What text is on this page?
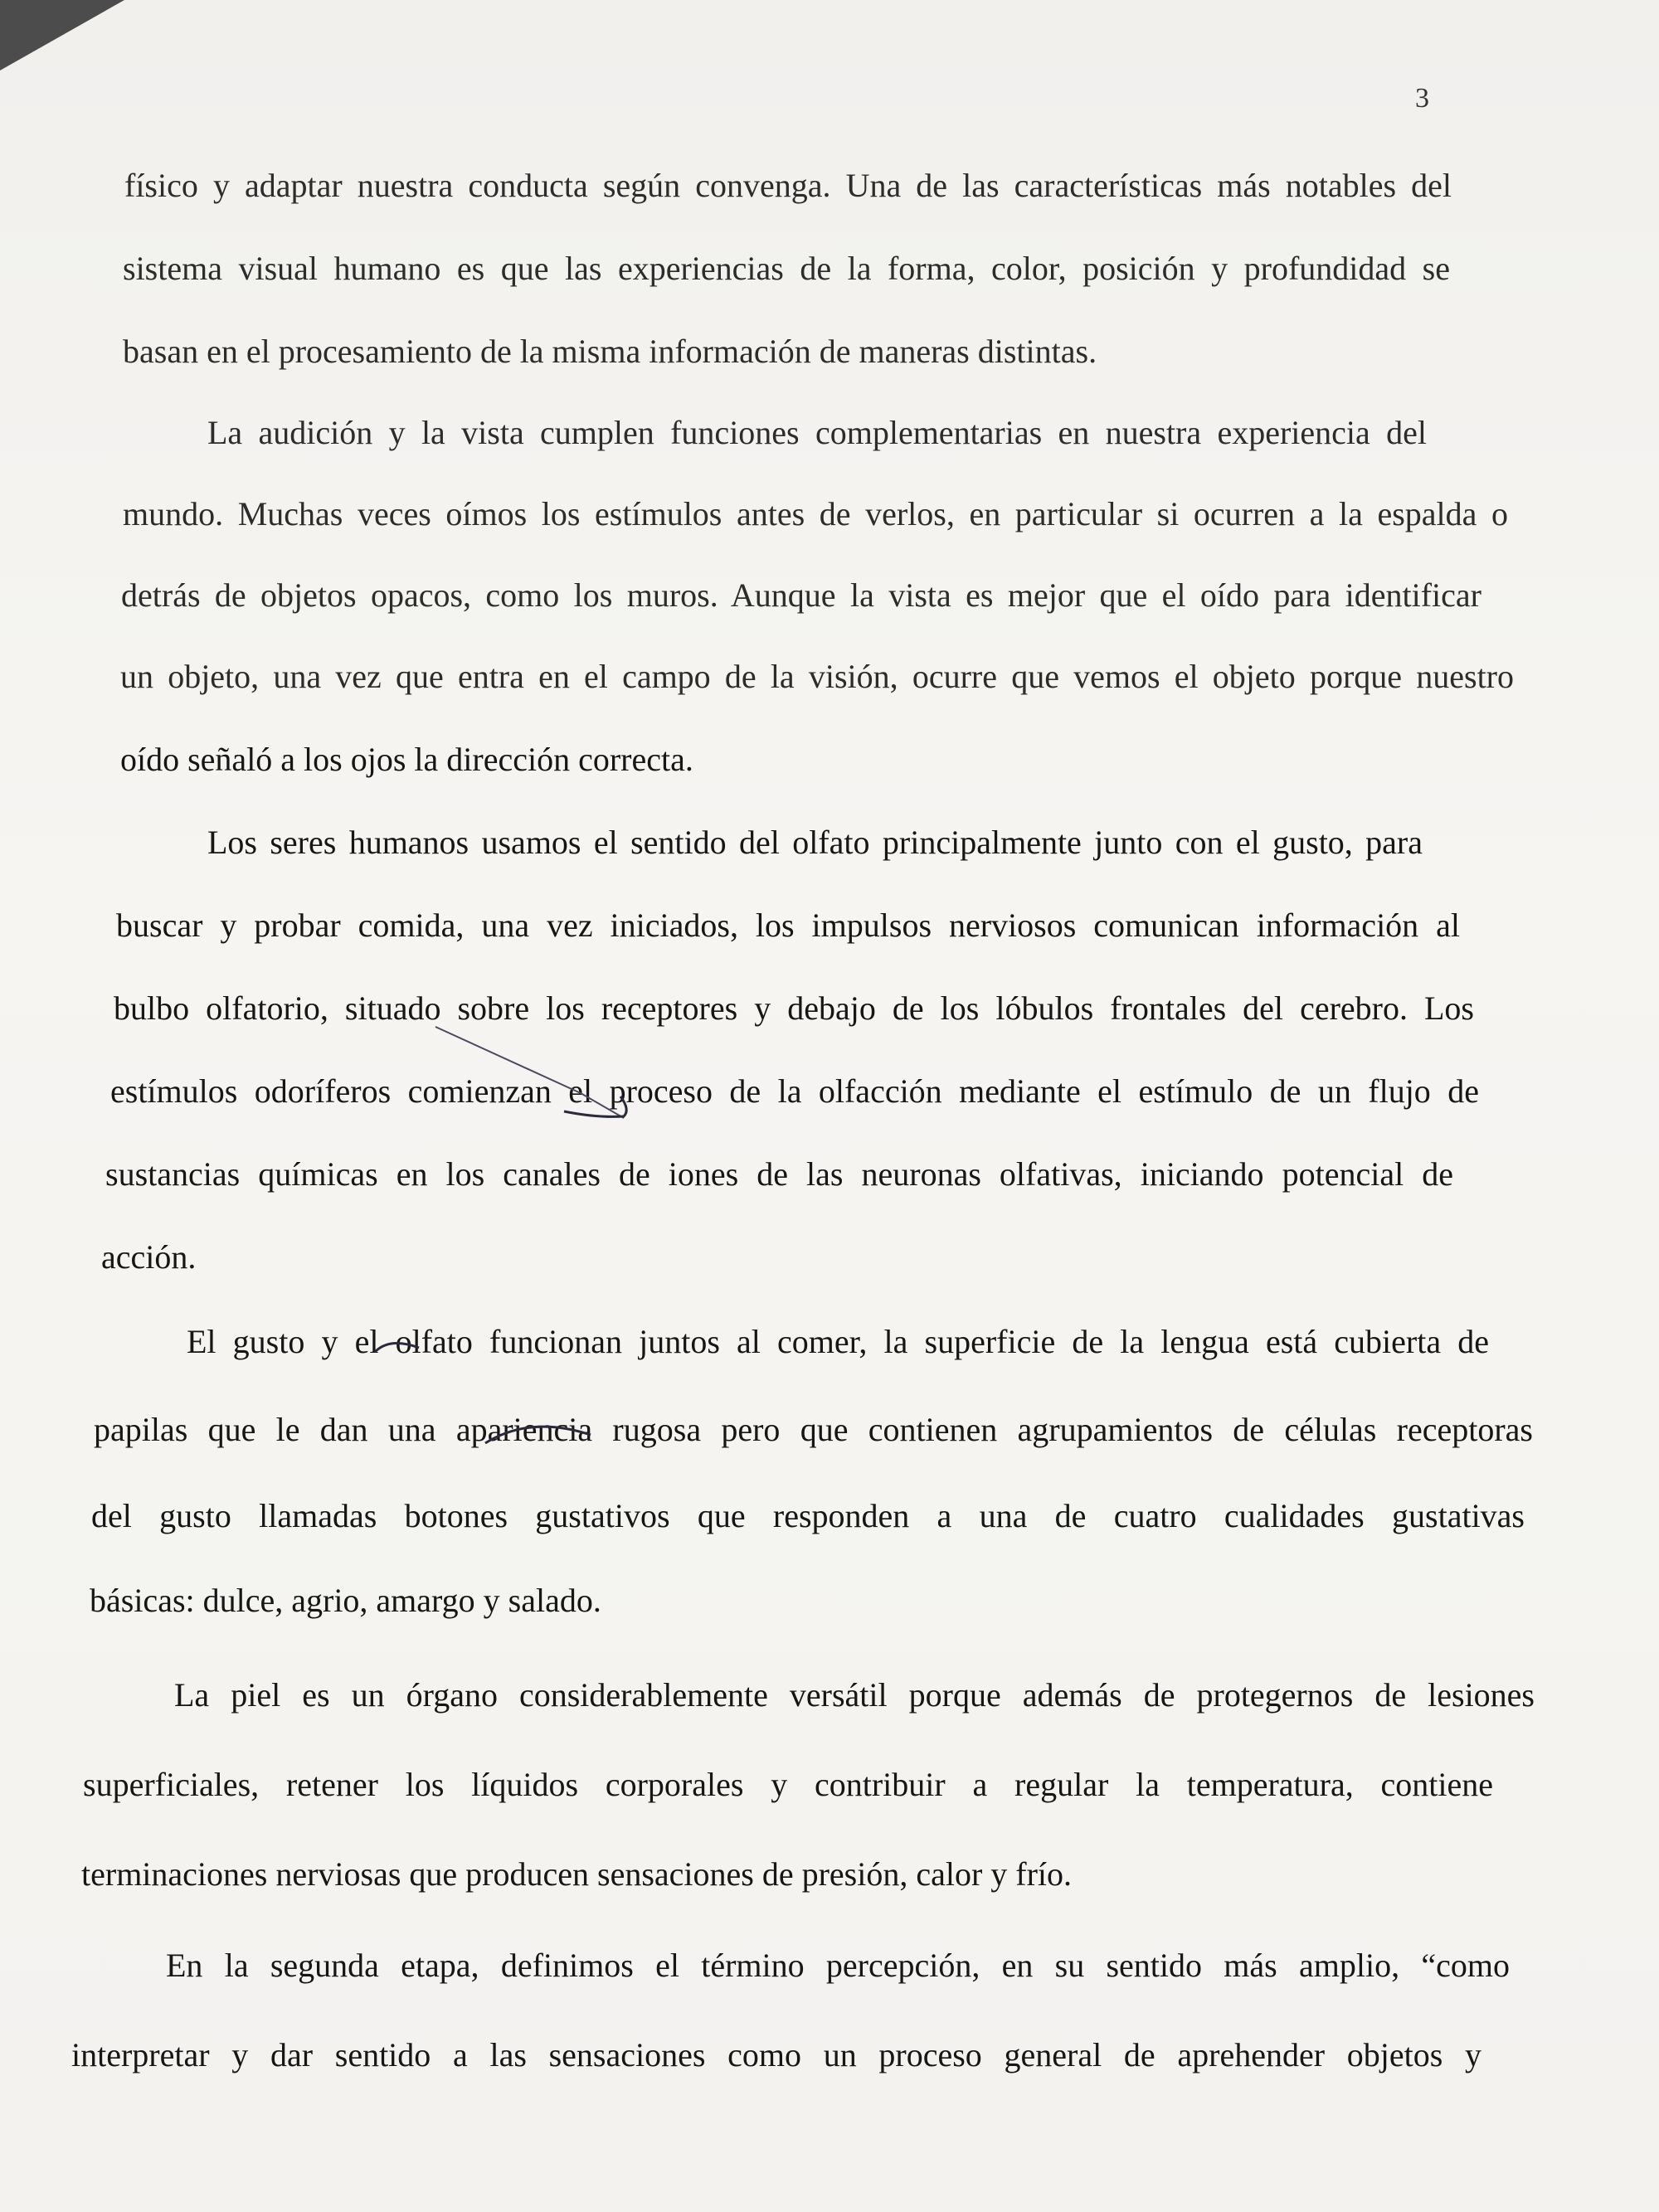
3

físico y adaptar nuestra conducta según convenga. Una de las características más notables del

sistema visual humano es que las experiencias de la forma, color, posición y profundidad se

basan en el procesamiento de la misma información de maneras distintas.

La audición y la vista cumplen funciones complementarias en nuestra experiencia del

mundo. Muchas veces oímos los estímulos antes de verlos, en particular si ocurren a la espalda o

detrás de objetos opacos, como los muros. Aunque la vista es mejor que el oído para identificar

un objeto, una vez que entra en el campo de la visión, ocurre que vemos el objeto porque nuestro

oído señaló a los ojos la dirección correcta.

Los seres humanos usamos el sentido del olfato principalmente junto con el gusto, para

buscar y probar comida, una vez iniciados, los impulsos nerviosos comunican información al

bulbo olfatorio, situado sobre los receptores y debajo de los lóbulos frontales del cerebro. Los

estímulos odoríferos comienzan el proceso de la olfacción mediante el estímulo de un flujo de

sustancias químicas en los canales de iones de las neuronas olfativas, iniciando potencial de

acción.

El gusto y el olfato funcionan juntos al comer, la superficie de la lengua está cubierta de

papilas que le dan una apariencia rugosa pero que contienen agrupamientos de células receptoras

del gusto llamadas botones gustativos que responden a una de cuatro cualidades gustativas

básicas: dulce, agrio, amargo y salado.

La piel es un órgano considerablemente versátil porque además de protegernos de lesiones

superficiales, retener los líquidos corporales y contribuir a regular la temperatura, contiene

terminaciones nerviosas que producen sensaciones de presión, calor y frío.

En la segunda etapa, definimos el término percepción, en su sentido más amplio, “como

interpretar y dar sentido a las sensaciones como un proceso general de aprehender objetos y
